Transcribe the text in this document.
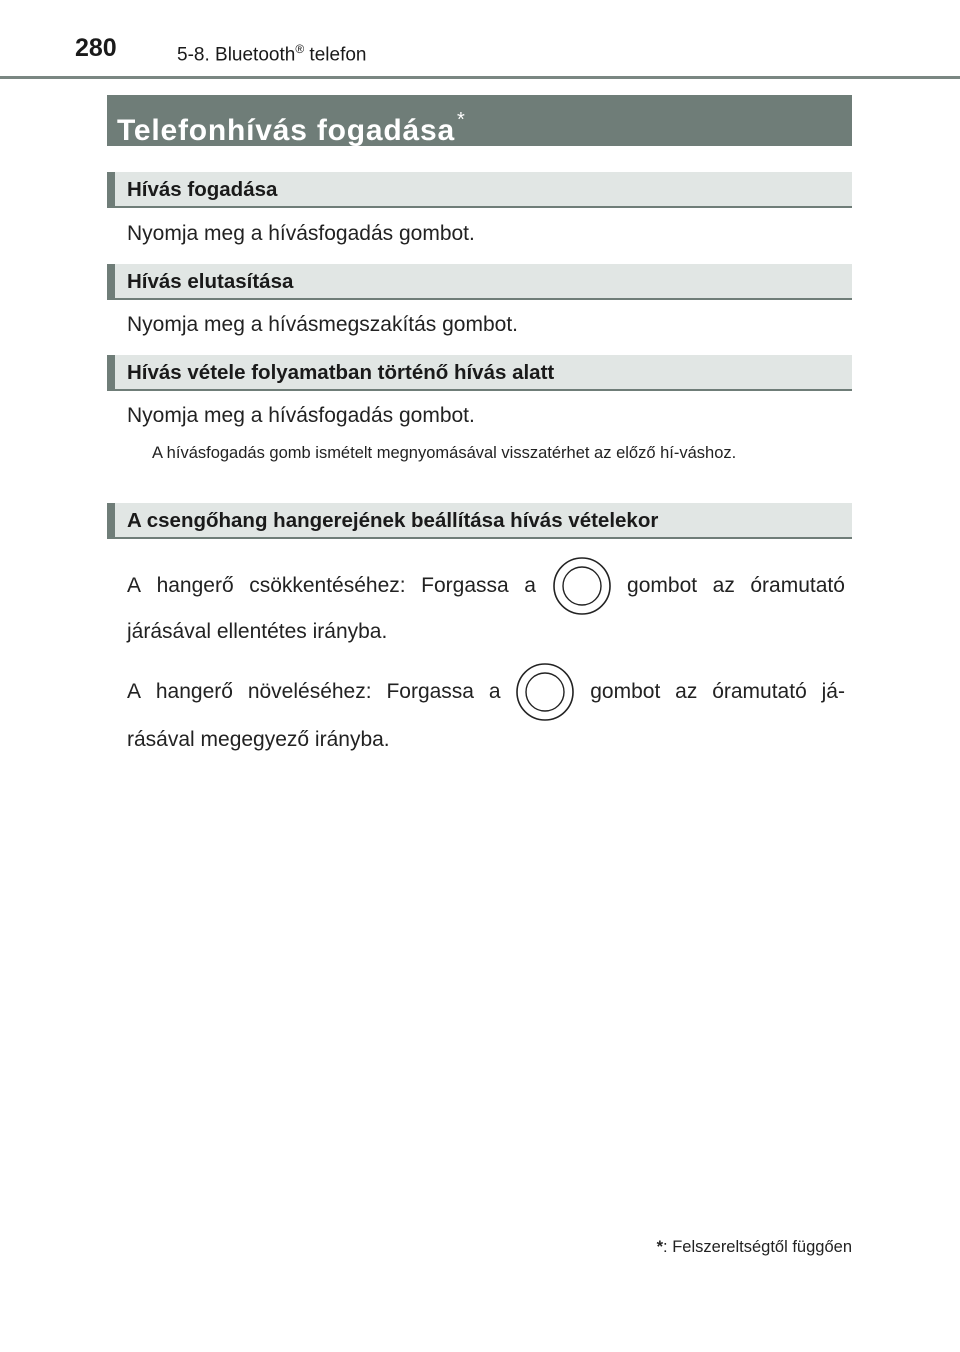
280	5-8. Bluetooth® telefon
Telefonhívás fogadása *
Hívás fogadása
Nyomja meg a hívásfogadás gombot.
Hívás elutasítása
Nyomja meg a hívásmegszakítás gombot.
Hívás vétele folyamatban történő hívás alatt
Nyomja meg a hívásfogadás gombot.
A hívásfogadás gomb ismételt megnyomásával visszatérhet az előző hí-váshoz.
A csengőhang hangerejének beállítása hívás vételekor
A hangerő csökkentéséhez: Forgassa a	gombot az óramutató
járásával ellentétes irányba.
A hangerő növeléséhez: Forgassa a	gombot az óramutató já-
rásával megegyező irányba.
*: Felszereltségtől függően
